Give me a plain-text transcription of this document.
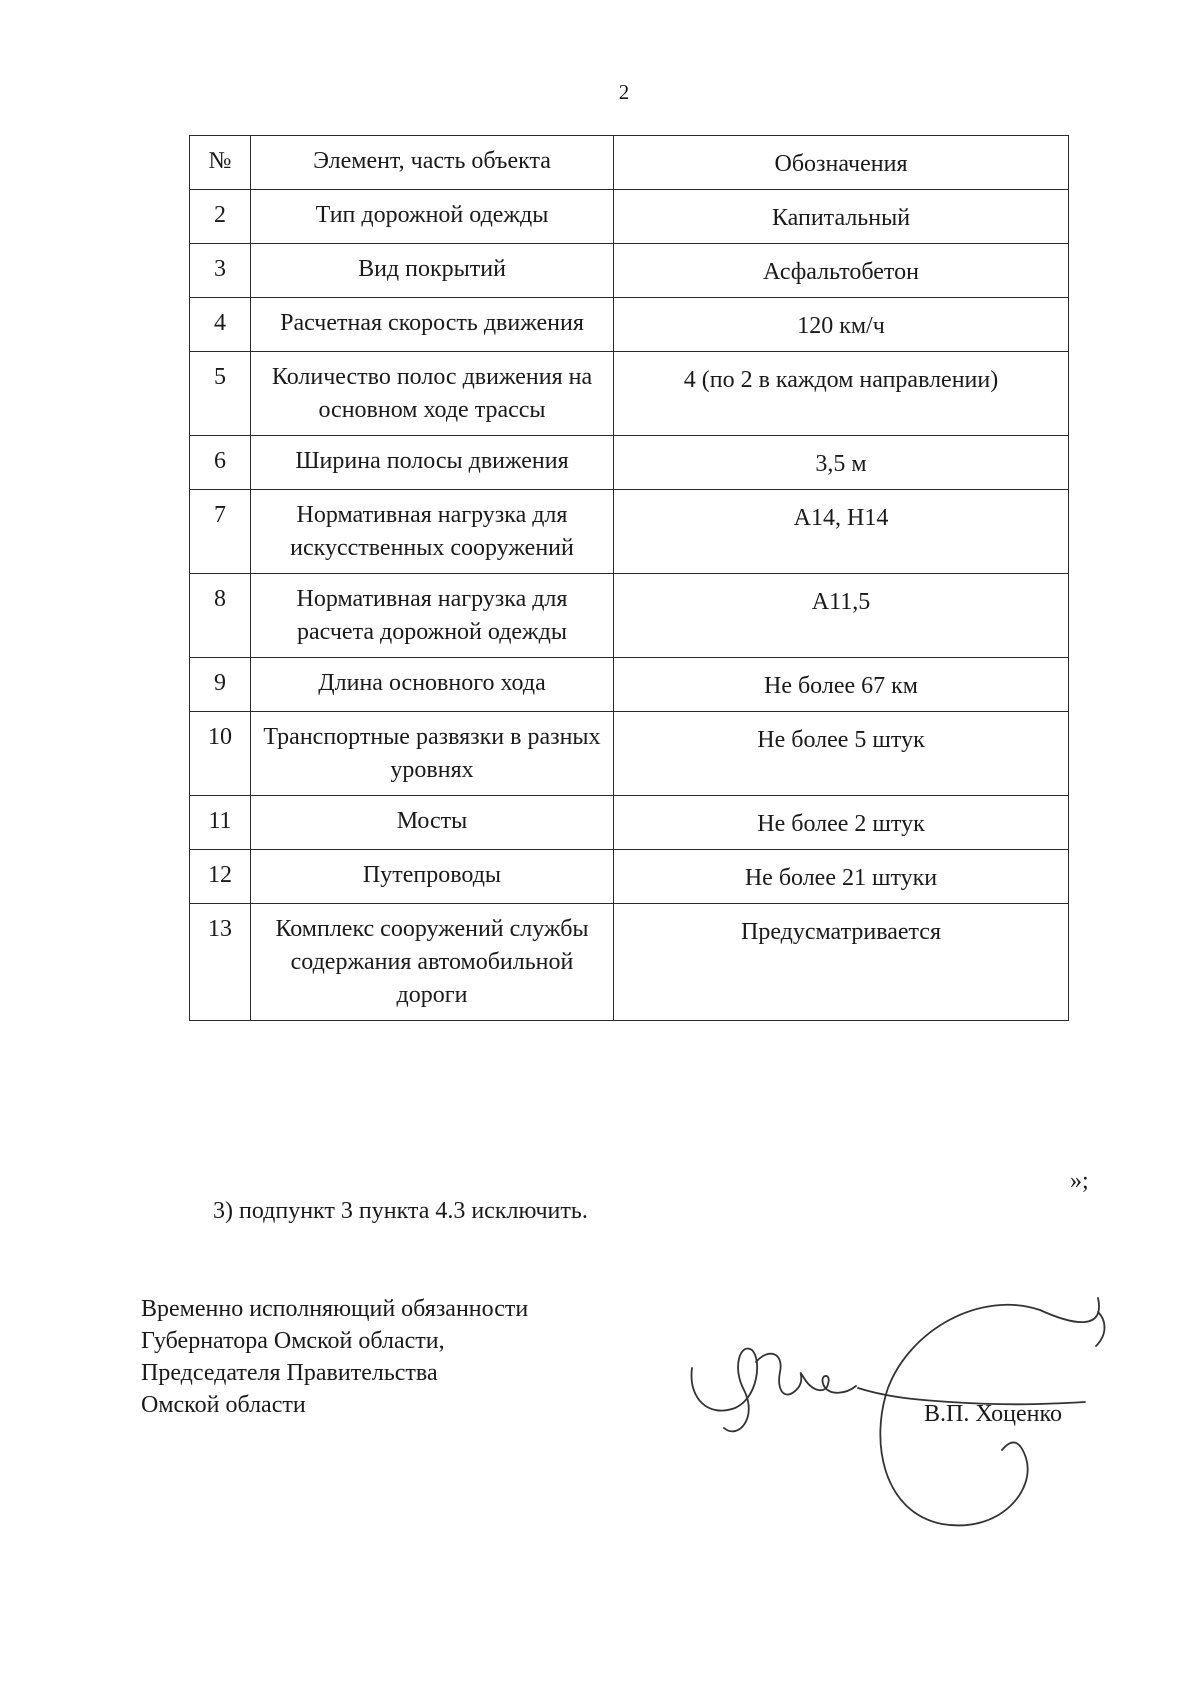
2
№	Элемент, часть объекта	Обозначения
2	Тип дорожной одежды	Капитальный
3	Вид покрытий	Асфальтобетон
4	Расчетная скорость движения	120 км/ч
5	Количество полос движения на основном ходе трассы	4 (по 2 в каждом направлении)
6	Ширина полосы движения	3,5 м
7	Нормативная нагрузка для искусственных сооружений	А14, Н14
8	Нормативная нагрузка для расчета дорожной одежды	А11,5
9	Длина основного хода	Не более 67 км
10	Транспортные развязки в разных уровнях	Не более 5 штук
11	Мосты	Не более 2 штук
12	Путепроводы	Не более 21 штуки
13	Комплекс сооружений службы содержания автомобильной дороги	Предусматривается
»;
3) подпункт 3 пункта 4.3 исключить.
Временно исполняющий обязанности
Губернатора Омской области,
Председателя Правительства
Омской области	В.П. Хоценко
